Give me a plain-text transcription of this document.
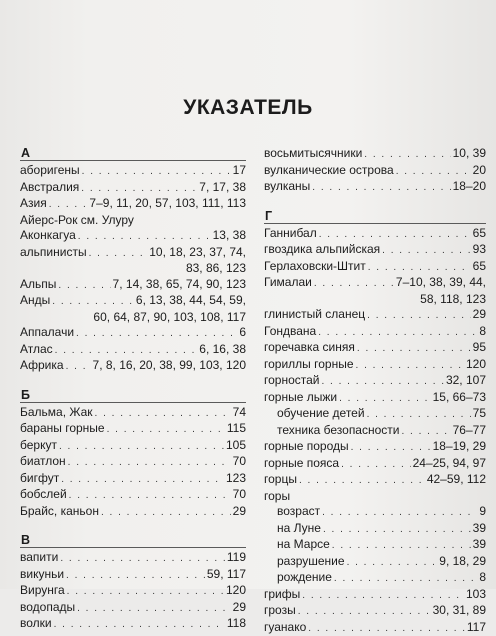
УКАЗАТЕЛЬ
А
аборигены . . .	17
Австралия . . .	7, 17, 38
Азия . . .	7–9, 11, 20, 57, 103, 111, 113
Айерс-Рок см. Улуру
Аконкагуа . . .	13, 38
альпинисты . . .	10, 18, 23, 37, 74,
83, 86, 123
Альпы . . .	7, 14, 38, 65, 74, 90, 123
Анды . . .	6, 13, 38, 44, 54, 59,
60, 64, 87, 90, 103, 108, 117
Аппалачи . . .	6
Атлас . . .	6, 16, 38
Африка . . . 7, 8, 16, 20, 38, 99, 103, 120
Б
Бальма, Жак . . .	74
бараны горные . . .	115
беркут . . .	105
биатлон . . .	70
бигфут . . .	123
бобслей . . .	70
Брайс, каньон . . .	29
В
вапити . . .	119
викуньи . . .	59, 117
Вирунга . . .	120
водопады . . .	29
волки . . .	118
восьмитысячники . . .	10, 39
вулканические острова . . .	20
вулканы . . .	18–20
Г
Ганнибал . . .	65
гвоздика альпийская . . .	93
Герлаховски-Штит . . .	65
Гималаи . . .	7–10, 38, 39, 44,
58, 118, 123
глинистый сланец . . .	29
Гондвана . . .	8
горечавка синяя . . .	95
гориллы горные . . .	120
горностай . . .	32, 107
горные лыжи . . .	15, 66–73
обучение детей . . .	75
техника безопасности . . .	76–77
горные породы . . .	18–19, 29
горные пояса . . .	24–25, 94, 97
горцы . . .	42–59, 112
горы
возраст . . .	9
на Луне . . .	39
на Марсе . . .	39
разрушение . . .	9, 18, 29
рождение . . .	8
грифы . . .	103
грозы . . .	30, 31, 89
гуанако . . .	117
